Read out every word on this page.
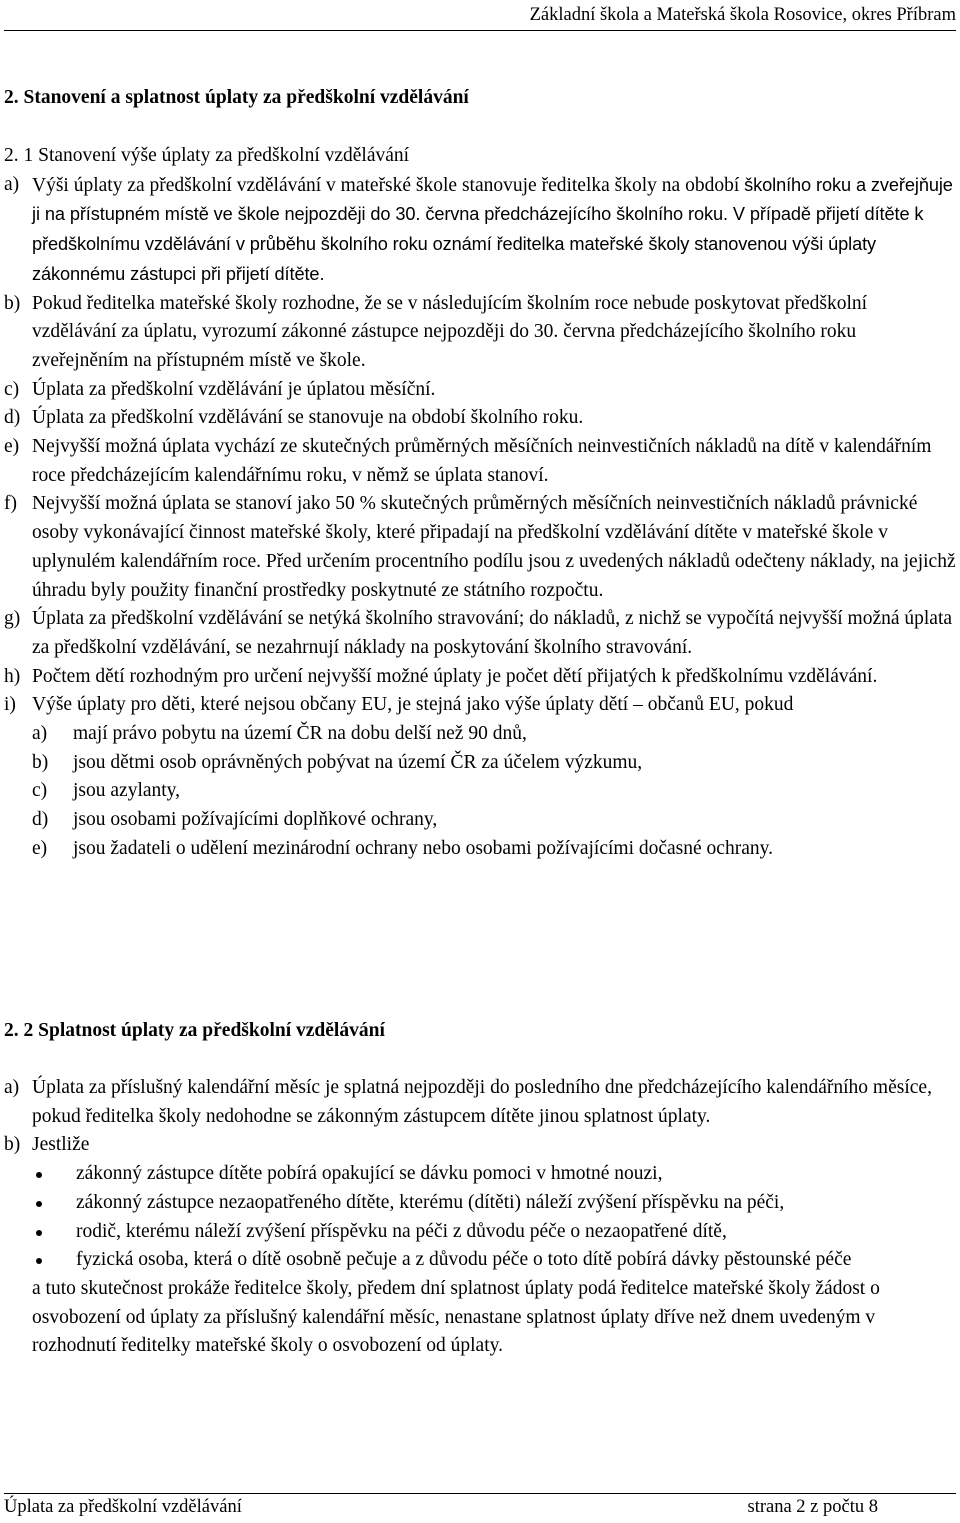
Základní škola a Mateřská škola Rosovice, okres Příbram
2. Stanovení a splatnost úplaty za předškolní vzdělávání
2. 1 Stanovení výše úplaty za předškolní vzdělávání
a) Výši úplaty za předškolní vzdělávání v mateřské škole stanovuje ředitelka školy na období školního roku a zveřejňuje ji na přístupném místě ve škole nejpozději do 30. června předcházejícího školního roku. V případě přijetí dítěte k předškolnímu vzdělávání v průběhu školního roku oznámí ředitelka mateřské školy stanovenou výši úplaty zákonnému zástupci při přijetí dítěte.
b) Pokud ředitelka mateřské školy rozhodne, že se v následujícím školním roce nebude poskytovat předškolní vzdělávání za úplatu, vyrozumí zákonné zástupce nejpozději do 30. června předcházejícího školního roku zveřejněním na přístupném místě ve škole.
c) Úplata za předškolní vzdělávání je úplatou měsíční.
d) Úplata za předškolní vzdělávání se stanovuje na období školního roku.
e) Nejvyšší možná úplata vychází ze skutečných průměrných měsíčních neinvestičních nákladů na dítě v kalendářním roce předcházejícím kalendářnímu roku, v němž se úplata stanoví.
f) Nejvyšší možná úplata se stanoví jako 50 % skutečných průměrných měsíčních neinvestičních nákladů právnické osoby vykonávající činnost mateřské školy, které připadají na předškolní vzdělávání dítěte v mateřské škole v uplynulém kalendářním roce. Před určením procentního podílu jsou z uvedených nákladů odečteny náklady, na jejichž úhradu byly použity finanční prostředky poskytnuté ze státního rozpočtu.
g) Úplata za předškolní vzdělávání se netýká školního stravování; do nákladů, z nichž se vypočítá nejvyšší možná úplata za předškolní vzdělávání, se nezahrnují náklady na poskytování školního stravování.
h) Počtem dětí rozhodným pro určení nejvyšší možné úplaty je počet dětí přijatých k předškolnímu vzdělávání.
i) Výše úplaty pro děti, které nejsou občany EU, je stejná jako výše úplaty dětí – občanů EU, pokud
a) mají právo pobytu na území ČR na dobu delší než 90 dnů,
b) jsou dětmi osob oprávněných pobývat na území ČR za účelem výzkumu,
c) jsou azylanty,
d) jsou osobami požívajícími doplňkové ochrany,
e) jsou žadateli o udělení mezinárodní ochrany nebo osobami požívajícími dočasné ochrany.
2. 2 Splatnost úplaty za předškolní vzdělávání
a) Úplata za příslušný kalendářní měsíc je splatná nejpozději do posledního dne předcházejícího kalendářního měsíce, pokud ředitelka školy nedohodne se zákonným zástupcem dítěte jinou splatnost úplaty.
b) Jestliže
zákonný zástupce dítěte pobírá opakující se dávku pomoci v hmotné nouzi,
zákonný zástupce nezaopatřeného dítěte, kterému (dítěti) náleží zvýšení příspěvku na péči,
rodič, kterému náleží zvýšení příspěvku na péči z důvodu péče o nezaopatřené dítě,
fyzická osoba, která o dítě osobně pečuje a z důvodu péče o toto dítě pobírá dávky pěstounské péče
a tuto skutečnost prokáže ředitelce školy, předem dní splatnost úplaty podá ředitelce mateřské školy žádost o osvobození od úplaty za příslušný kalendářní měsíc, nenastane splatnost úplaty dříve než dnem uvedeným v rozhodnutí ředitelky mateřské školy o osvobození od úplaty.
Úplata za předškolní vzdělávání	strana 2 z počtu 8
